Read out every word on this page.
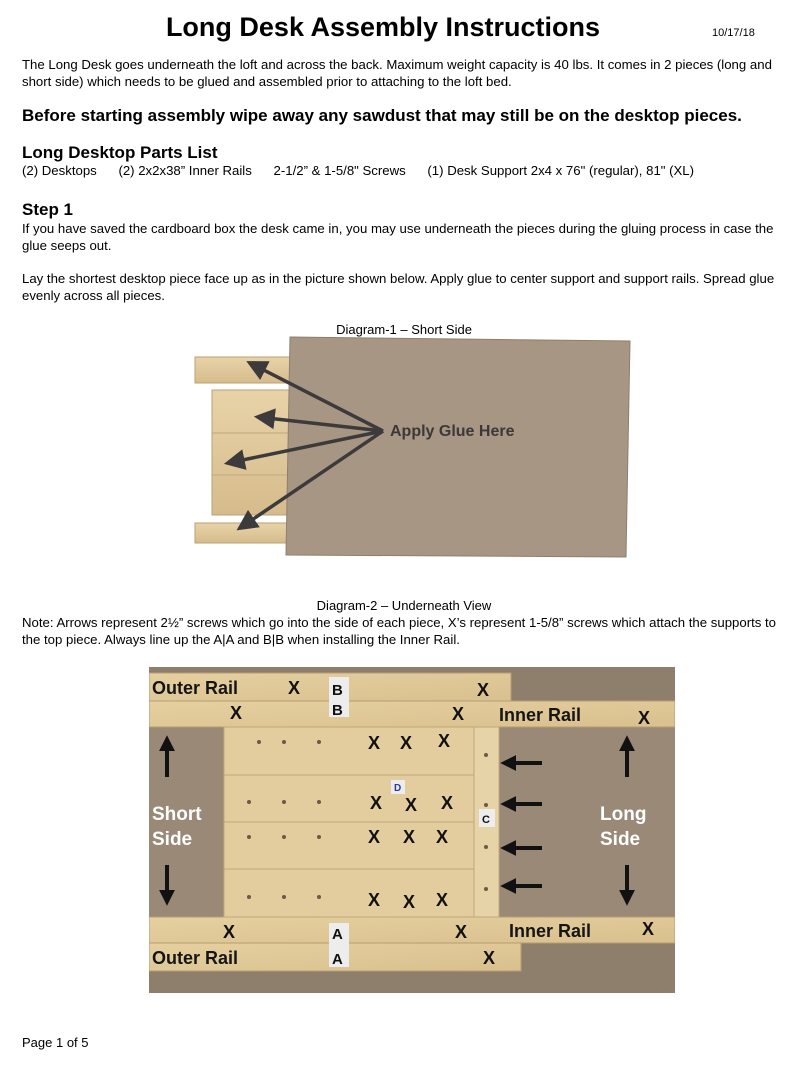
Long Desk Assembly Instructions	10/17/18
The Long Desk goes underneath the loft and across the back. Maximum weight capacity is 40 lbs. It comes in 2 pieces (long and short side) which needs to be glued and assembled prior to attaching to the loft bed.
Before starting assembly wipe away any sawdust that may still be on the desktop pieces.
Long Desktop Parts List
(2) Desktops (2) 2x2x38” Inner Rails 2-1/2” & 1-5/8" Screws (1) Desk Support 2x4 x 76" (regular), 81" (XL)
Step 1
If you have saved the cardboard box the desk came in, you may use underneath the pieces during the gluing process in case the glue seeps out.
Lay the shortest desktop piece face up as in the picture shown below. Apply glue to center support and support rails. Spread glue evenly across all pieces.
Diagram-1 – Short Side
Apply Glue Here
Diagram-2 – Underneath View
Note: Arrows represent 2½” screws which go into the side of each piece, X’s represent 1-5/8” screws which attach the supports to the top piece. Always line up the A|A and B|B when installing the Inner Rail.
Outer Rail
Outer Rail
Inner Rail
Inner Rail
Short
Side
Long
Side
X	X
X	X	X
X X X
X X X
X X X
X X X
X	X	X
X
B
B
A
A
C
D
Page 1 of 5
